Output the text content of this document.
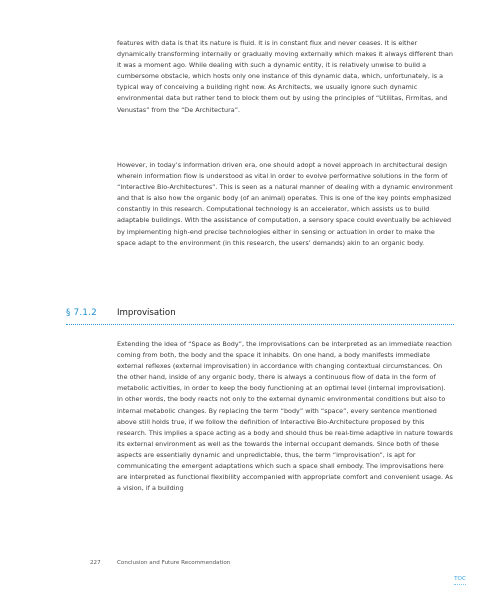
features with data is that its nature is fluid. It is in constant flux and never ceases. It is either dynamically transforming internally or gradually moving externally which makes it always different than it was a moment ago. While dealing with such a dynamic entity, it is relatively unwise to build a cumbersome obstacle, which hosts only one instance of this dynamic data, which, unfortunately, is a typical way of conceiving a building right now. As Architects, we usually ignore such dynamic environmental data but rather tend to block them out by using the principles of “Utilitas, Firmitas, and Venustas” from the “De Architectura”.

However, in today’s information driven era, one should adopt a novel approach in architectural design wherein information flow is understood as vital in order to evolve performative solutions in the form of “Interactive Bio-Architectures”. This is seen as a natural manner of dealing with a dynamic environment and that is also how the organic body (of an animal) operates. This is one of the key points emphasized constantly in this research. Computational technology is an accelerator, which assists us to build adaptable buildings. With the assistance of computation, a sensory space could eventually be achieved by implementing high-end precise technologies either in sensing or actuation in order to make the space adapt to the environment (in this research, the users’ demands) akin to an organic body.

§ 7.1.2 Improvisation

Extending the idea of “Space as Body”, the improvisations can be interpreted as an immediate reaction coming from both, the body and the space it inhabits. On one hand, a body manifests immediate external reflexes (external improvisation) in accordance with changing contextual circumstances. On the other hand, inside of any organic body, there is always a continuous flow of data in the form of metabolic activities, in order to keep the body functioning at an optimal level (internal improvisation). In other words, the body reacts not only to the external dynamic environmental conditions but also to internal metabolic changes. By replacing the term “body” with “space”, every sentence mentioned above still holds true, if we follow the definition of Interactive Bio-Architecture proposed by this research. This implies a space acting as a body and should thus be real-time adaptive in nature towards its external environment as well as the towards the internal occupant demands. Since both of these aspects are essentially dynamic and unpredictable, thus, the term “improvisation”, is apt for communicating the emergent adaptations which such a space shall embody. The improvisations here are interpreted as functional flexibility accompanied with appropriate comfort and convenient usage. As a vision, if a building

227	Conclusion and Future Recommendation
TOC
